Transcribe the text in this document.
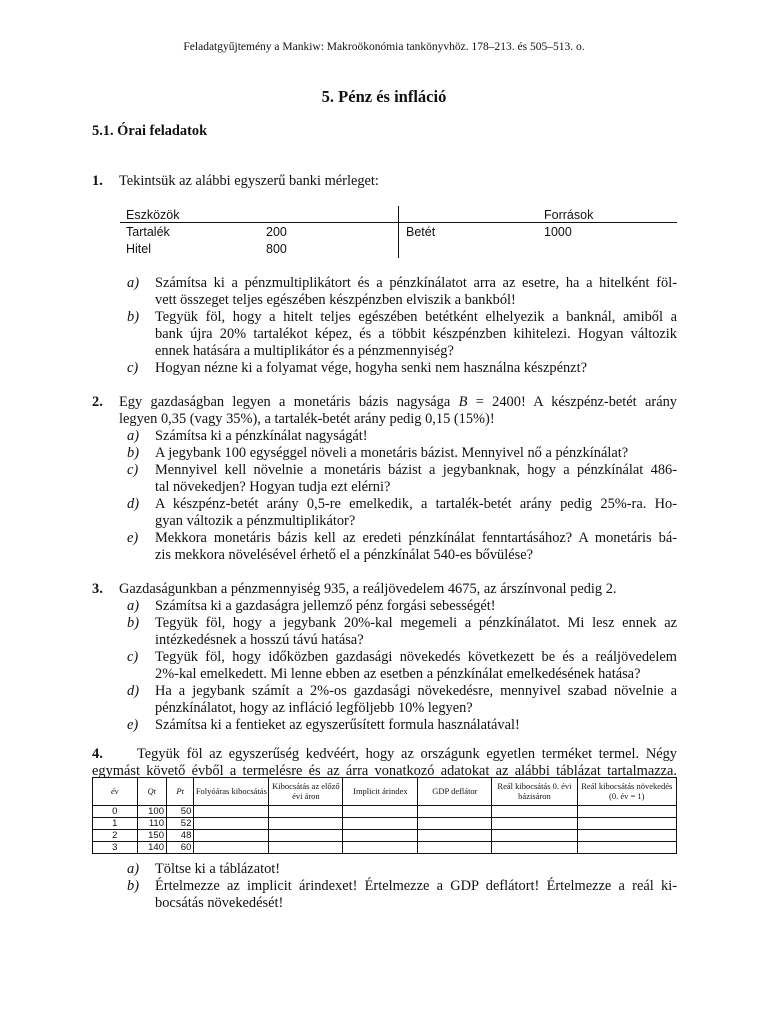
Feladatgyűjtemény a Mankiw: Makroökonómia tankönyvhöz. 178–213. és 505–513. o.
5. Pénz és infláció
5.1. Órai feladatok
1. Tekintsük az alábbi egyszerű banki mérleget:
Eszközök	Források
Tartalék	200	Betét	1000
Hitel	800
a) Számítsa ki a pénzmultiplikátort és a pénzkínálatot arra az esetre, ha a hitelként föl-
vett összeget teljes egészében készpénzben elviszik a bankból!
b) Tegyük föl, hogy a hitelt teljes egészében betétként elhelyezik a banknál, amiből a
bank újra 20% tartalékot képez, és a többit készpénzben kihitelezi. Hogyan változik
ennek hatására a multiplikátor és a pénzmennyiség?
c) Hogyan nézne ki a folyamat vége, hogyha senki nem használna készpénzt?
2. Egy gazdaságban legyen a monetáris bázis nagysága B = 2400! A készpénz-betét arány
legyen 0,35 (vagy 35%), a tartalék-betét arány pedig 0,15 (15%)!
a) Számítsa ki a pénzkínálat nagyságát!
b) A jegybank 100 egységgel növeli a monetáris bázist. Mennyivel nő a pénzkínálat?
c) Mennyivel kell növelnie a monetáris bázist a jegybanknak, hogy a pénzkínálat 486-
tal növekedjen? Hogyan tudja ezt elérni?
d) A készpénz-betét arány 0,5-re emelkedik, a tartalék-betét arány pedig 25%-ra. Ho-
gyan változik a pénzmultiplikátor?
e) Mekkora monetáris bázis kell az eredeti pénzkínálat fenntartásához? A monetáris bá-
zis mekkora növelésével érhető el a pénzkínálat 540-es bővülése?
3. Gazdaságunkban a pénzmennyiség 935, a reáljövedelem 4675, az árszínvonal pedig 2.
a) Számítsa ki a gazdaságra jellemző pénz forgási sebességét!
b) Tegyük föl, hogy a jegybank 20%-kal megemeli a pénzkínálatot. Mi lesz ennek az
intézkedésnek a hosszú távú hatása?
c) Tegyük föl, hogy időközben gazdasági növekedés következett be és a reáljövedelem
2%-kal emelkedett. Mi lenne ebben az esetben a pénzkínálat emelkedésének hatása?
d) Ha a jegybank számít a 2%-os gazdasági növekedésre, mennyivel szabad növelnie a
pénzkínálatot, hogy az infláció legföljebb 10% legyen?
e) Számítsa ki a fentieket az egyszerűsített formula használatával!
4. Tegyük föl az egyszerűség kedvéért, hogy az országunk egyetlen terméket termel. Négy
egymást követő évből a termelésre és az árra vonatkozó adatokat az alábbi táblázat tartalmazza.
év	Qt	Pt	Folyóáras kibocsátás	Kibocsátás az előző évi áron	Implicit árindex	GDP deflátor	Reál kibocsátás 0. évi bázisáron	Reál kibocsátás növekedés (0. év = 1)
0	100	50						
1	110	52						
2	150	48						
3	140	60						
a) Töltse ki a táblázatot!
b) Értelmezze az implicit árindexet! Értelmezze a GDP deflátort! Értelmezze a reál ki-
bocsátás növekedését!
